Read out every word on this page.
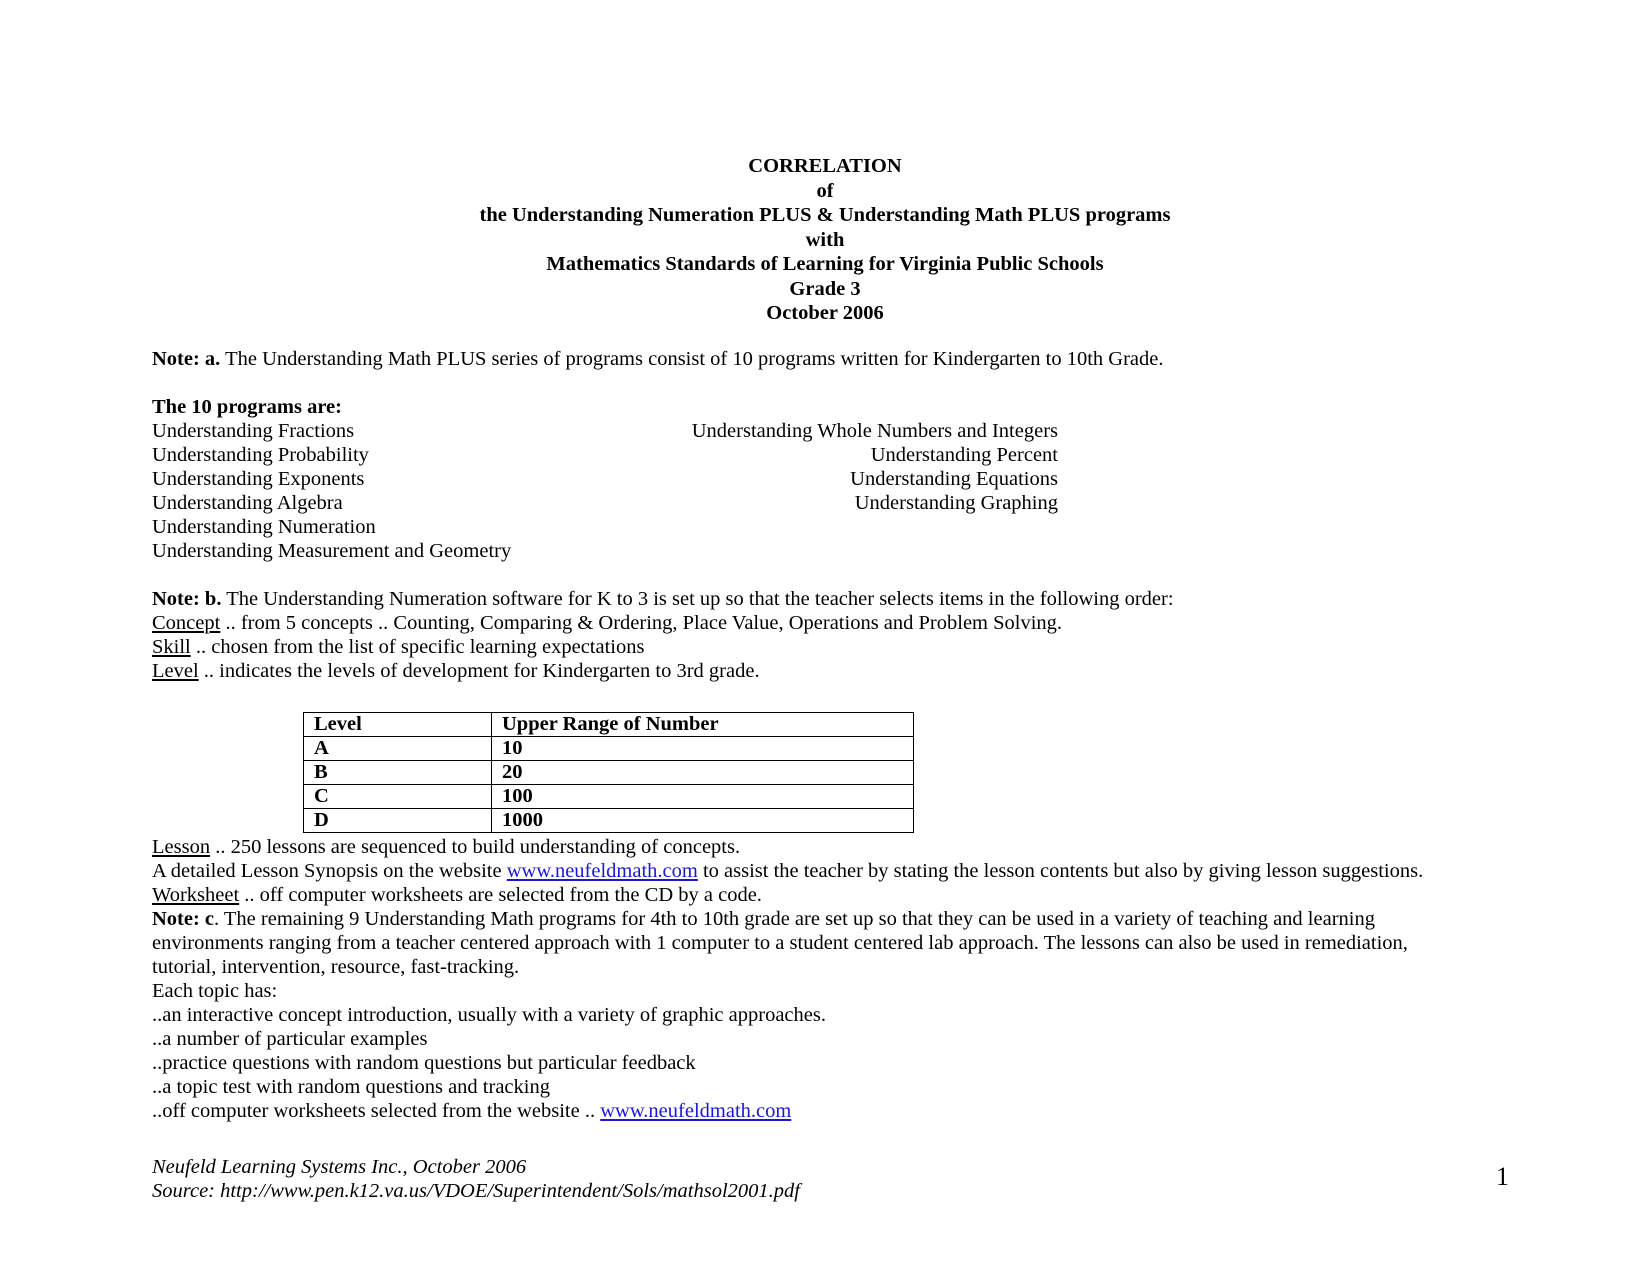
CORRELATION
of
the Understanding Numeration PLUS & Understanding Math PLUS programs
with
Mathematics Standards of Learning for Virginia Public Schools
Grade 3
October 2006
Note: a. The Understanding Math PLUS series of programs consist of 10 programs written for Kindergarten to 10th Grade.
The 10 programs are:
Understanding Fractions
Understanding Probability
Understanding Exponents
Understanding Algebra
Understanding Numeration
Understanding Measurement and Geometry
Understanding Whole Numbers and Integers
Understanding Percent
Understanding Equations
Understanding Graphing
Note: b. The Understanding Numeration software for K to 3 is set up so that the teacher selects items in the following order:
Concept .. from 5 concepts .. Counting, Comparing & Ordering, Place Value, Operations and Problem Solving.
Skill .. chosen from the list of specific learning expectations
Level .. indicates the levels of development for Kindergarten to 3rd grade.
Level	Upper Range of Number
A	10
B	20
C	100
D	1000
Lesson .. 250 lessons are sequenced to build understanding of concepts.
A detailed Lesson Synopsis on the website www.neufeldmath.com to assist the teacher by stating the lesson contents but also by giving lesson suggestions.
Worksheet .. off computer worksheets are selected from the CD by a code.
Note: c. The remaining 9 Understanding Math programs for 4th to 10th grade are set up so that they can be used in a variety of teaching and learning
environments ranging from a teacher centered approach with 1 computer to a student centered lab approach. The lessons can also be used in remediation,
tutorial, intervention, resource, fast-tracking.
Each topic has:
..an interactive concept introduction, usually with a variety of graphic approaches.
..a number of particular examples
..practice questions with random questions but particular feedback
..a topic test with random questions and tracking
..off computer worksheets selected from the website .. www.neufeldmath.com
Neufeld Learning Systems Inc., October 2006
Source: http://www.pen.k12.va.us/VDOE/Superintendent/Sols/mathsol2001.pdf	1
